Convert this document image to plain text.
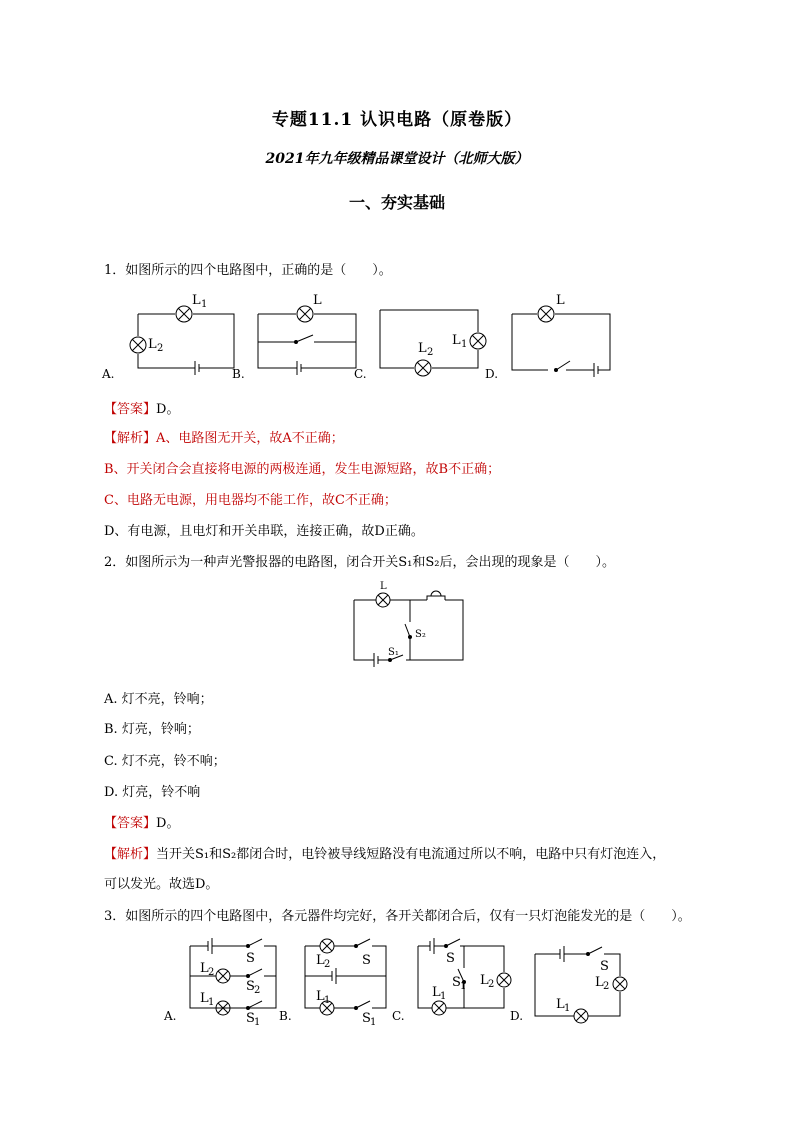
专题11.1 认识电路（原卷版）
2021年九年级精品课堂设计（北师大版）
一、夯实基础
1．如图所示的四个电路图中，正确的是（　　）。
L 1
L 2
L
L 2
L 1
L
A.	B.	C.	D.
【答案】D。
【解析】A、电路图无开关，故A不正确；
B、开关闭合会直接将电源的两极连通，发生电源短路，故B不正确；
C、电路无电源，用电器均不能工作，故C不正确；
D、有电源，且电灯和开关串联，连接正确，故D正确。
2．如图所示为一种声光警报器的电路图，闭合开关S₁和S₂后，会出现的现象是（　　）。
L
S₂
S₁
A. 灯不亮，铃响；
B. 灯亮，铃响；
C. 灯不亮，铃不响；
D. 灯亮，铃不响
【答案】D。
【解析】当开关S₁和S₂都闭合时，电铃被导线短路没有电流通过所以不响，电路中只有灯泡连入，
可以发光。故选D。
3．如图所示的四个电路图中，各元器件均完好，各开关都闭合后，仅有一只灯泡能发光的是（　　）。
S
L 2
S 2
L 1
S 1
L 2 S
L 1
S 1
S
S 1 L 2
L 1
S
L 2
L 1
A.	B.	C.	D.
